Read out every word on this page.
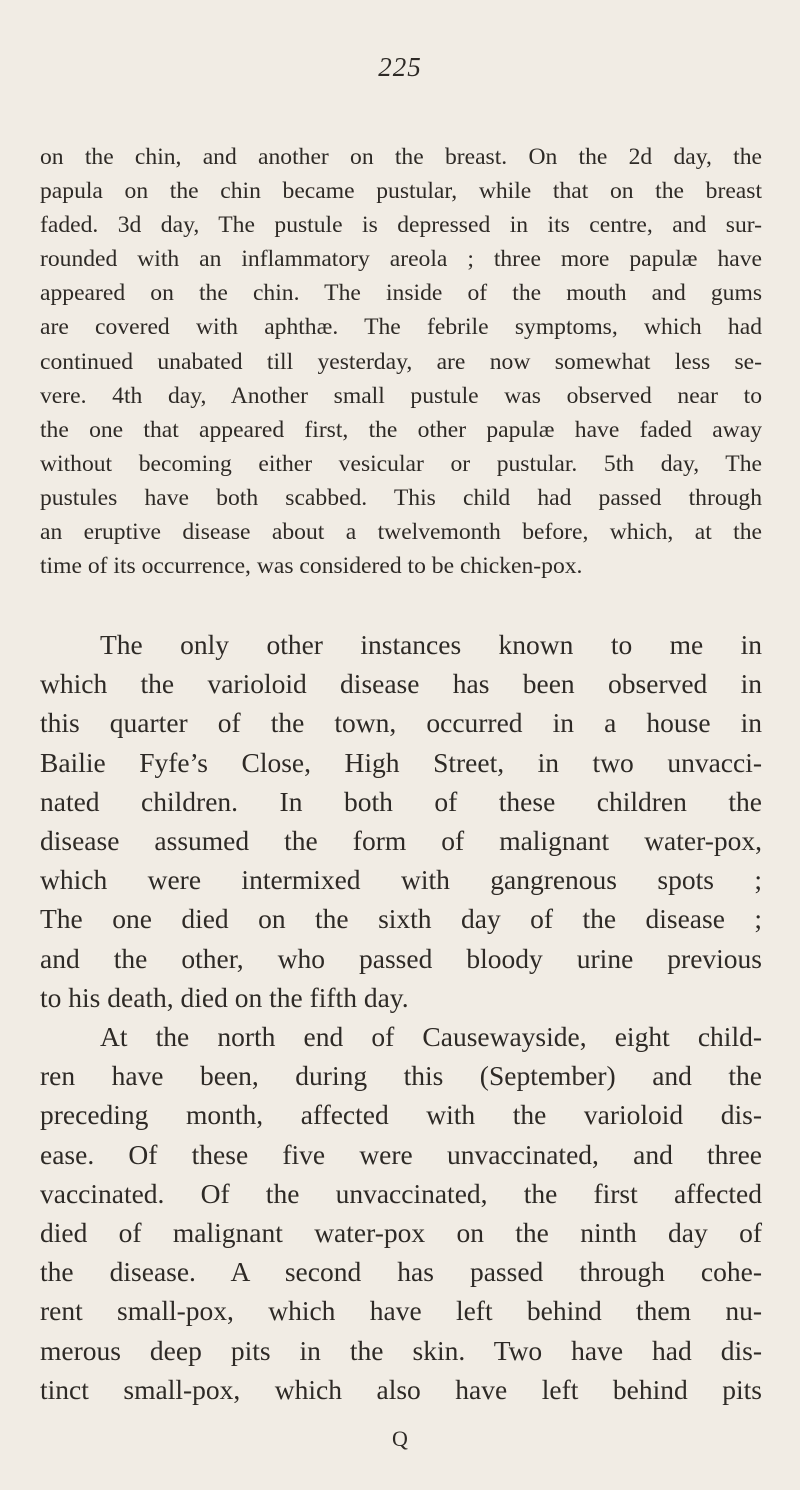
225
on the chin, and another on the breast. On the 2d day, the
papula on the chin became pustular, while that on the breast
faded. 3d day, The pustule is depressed in its centre, and sur-
rounded with an inflammatory areola ; three more papulæ have
appeared on the chin. The inside of the mouth and gums
are covered with aphthæ. The febrile symptoms, which had
continued unabated till yesterday, are now somewhat less se-
vere. 4th day, Another small pustule was observed near to
the one that appeared first, the other papulæ have faded away
without becoming either vesicular or pustular. 5th day, The
pustules have both scabbed. This child had passed through
an eruptive disease about a twelvemonth before, which, at the
time of its occurrence, was considered to be chicken-pox.
The only other instances known to me in
which the varioloid disease has been observed in
this quarter of the town, occurred in a house in
Bailie Fyfe’s Close, High Street, in two unvacci-
nated children. In both of these children the
disease assumed the form of malignant water-pox,
which were intermixed with gangrenous spots ;
The one died on the sixth day of the disease ;
and the other, who passed bloody urine previous
to his death, died on the fifth day.
At the north end of Causewayside, eight child-
ren have been, during this (September) and the
preceding month, affected with the varioloid dis-
ease. Of these five were unvaccinated, and three
vaccinated. Of the unvaccinated, the first affected
died of malignant water-pox on the ninth day of
the disease. A second has passed through cohe-
rent small-pox, which have left behind them nu-
merous deep pits in the skin. Two have had dis-
tinct small-pox, which also have left behind pits
Q
